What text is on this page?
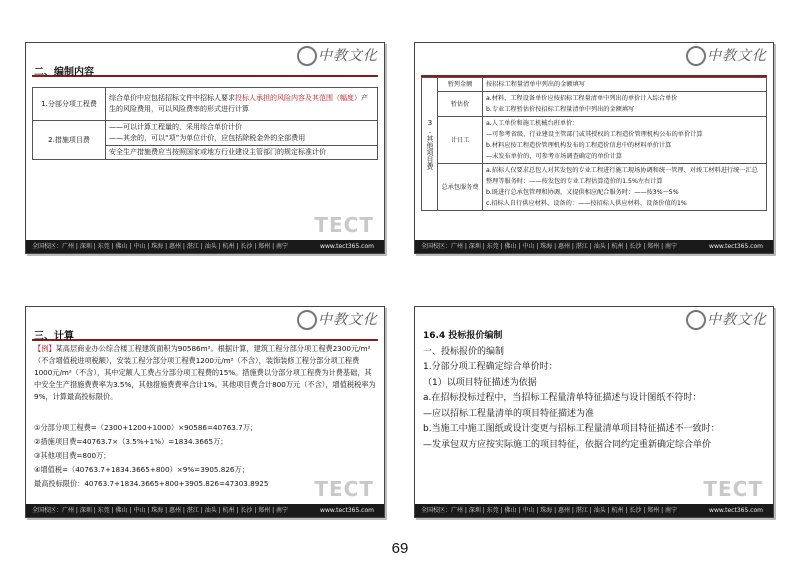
中教文化
二、编制内容
1.分部分项工程费	综合单价中应包括招标文件中招标人要求投标人承担的风险内容及其范围（幅度）产生的风险费用，可以风险费率的形式进行计算
2.措施项目费	——可以计算工程量的，采用综合单价计价
——其余的，可以“项”为单位计价，应包括除税金外的全部费用

	安全生产措施费应当按照国家或地方行业建设主管部门的规定标准计价
TECT
全国校区：广州 | 深圳 | 东莞 | 佛山 | 中山 | 珠海 | 惠州 | 湛江 | 汕头 | 杭州 | 长沙 | 郑州 | 南宁	www.tect365.com
中教文化
3.其他项目费	暂列金额	按招标工程量清单中列出的金额填写

	暂估价	a.材料、工程设备单价应按招标工程量清单中列出的单价计入综合单价
b.专业工程暂估价按招标工程量清单中列出的金额填写

	计日工	a.人工单价和施工机械台班单价：
—可参考省级、行业建设主管部门或其授权的工程造价管理机构公布的单价计算
b.材料应按工程造价管理机构发布的工程造价信息中的材料单价计算
—未发布单价的，可参考市场调查确定的单价计算

	总承包服务费	a.招标人仅要求总包人对其发包的专业工程进行施工现场协调和统一管理、对竣工材料进行统一汇总整理等服务时：——按发包的专业工程估算造价的1.5%左右计算
b.既进行总承包管理和协调，又提供相应配合服务时：——按3%～5%
c.招标人自行供应材料、设备的：——按招标人供应材料、设备价值的1%
全国校区：广州 | 深圳 | 东莞 | 佛山 | 中山 | 珠海 | 惠州 | 湛江 | 汕头 | 杭州 | 长沙 | 郑州 | 南宁	www.tect365.com
中教文化
三、计算
【例】某高层商业办公综合楼工程建筑面积为90586m²。根据计算，建筑工程分部分项工程费2300元/m²（不含增值税进项税额），安装工程分部分项工程费1200元/m²（不含），装饰装修工程分部分项工程费1000元/m²（不含），其中定额人工费占分部分项工程费的15%。措施费以分部分项工程费为计费基础，其中安全生产措施费费率为3.5%，其他措施费费率合计1%。其他项目费合计800万元（不含），增值税税率为9%，计算最高投标限价。
①分部分项工程费=（2300+1200+1000）×90586=40763.7万；
②措施项目费=40763.7×（3.5%+1%）=1834.3665万；
③其他项目费=800万；
④增值税=（40763.7+1834.3665+800）×9%=3905.826万；
最高投标限价：40763.7+1834.3665+800+3905.826=47303.8925	TECT
全国校区：广州 | 深圳 | 东莞 | 佛山 | 中山 | 珠海 | 惠州 | 湛江 | 汕头 | 杭州 | 长沙 | 郑州 | 南宁	www.tect365.com
中教文化
16.4 投标报价编制
一、投标报价的编制
1.分部分项工程确定综合单价时：
（1）以项目特征描述为依据
a.在招标投标过程中，当招标工程量清单特征描述与设计图纸不符时：
—应以招标工程量清单的项目特征描述为准
b.当施工中施工图纸或设计变更与招标工程量清单项目特征描述不一致时：
—发承包双方应按实际施工的项目特征，依据合同约定重新确定综合单价
TECT
全国校区：广州 | 深圳 | 东莞 | 佛山 | 中山 | 珠海 | 惠州 | 湛江 | 汕头 | 杭州 | 长沙 | 郑州 | 南宁	www.tect365.com
69
